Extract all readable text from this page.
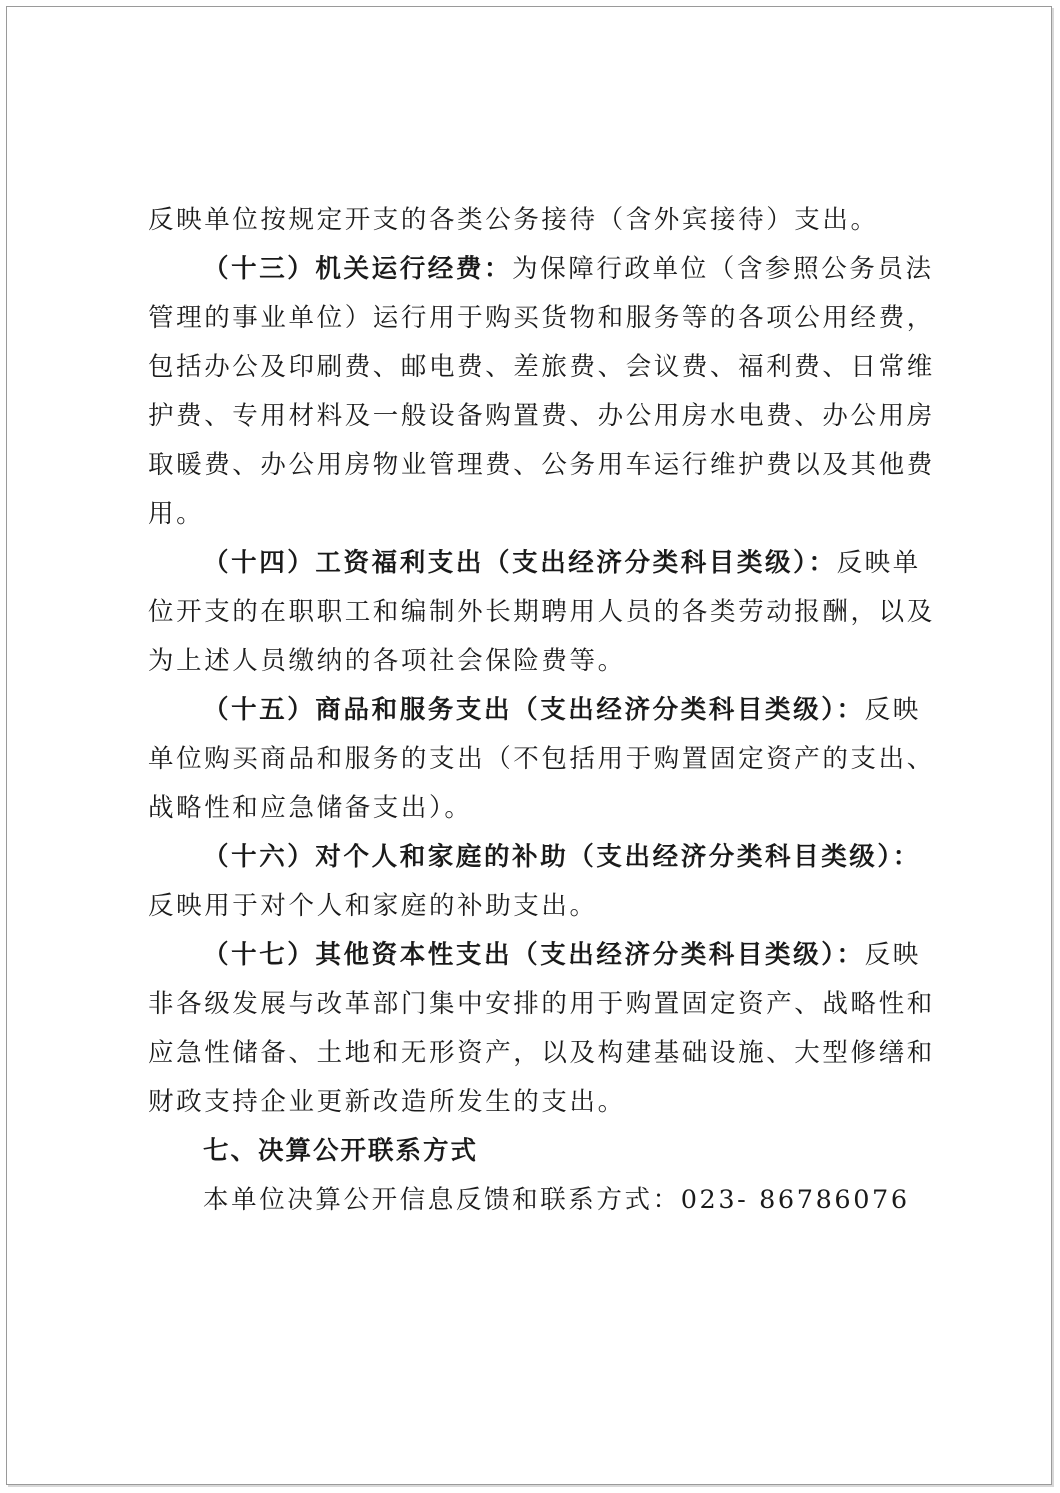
反映单位按规定开支的各类公务接待（含外宾接待）支出。
（十三）机关运行经费：为保障行政单位（含参照公务员法
管理的事业单位）运行用于购买货物和服务等的各项公用经费，
包括办公及印刷费、邮电费、差旅费、会议费、福利费、日常维
护费、专用材料及一般设备购置费、办公用房水电费、办公用房
取暖费、办公用房物业管理费、公务用车运行维护费以及其他费
用。
（十四）工资福利支出（支出经济分类科目类级）：反映单
位开支的在职职工和编制外长期聘用人员的各类劳动报酬，以及
为上述人员缴纳的各项社会保险费等。
（十五）商品和服务支出（支出经济分类科目类级）：反映
单位购买商品和服务的支出（不包括用于购置固定资产的支出、
战略性和应急储备支出）。
（十六）对个人和家庭的补助（支出经济分类科目类级）：
反映用于对个人和家庭的补助支出。
（十七）其他资本性支出（支出经济分类科目类级）：反映
非各级发展与改革部门集中安排的用于购置固定资产、战略性和
应急性储备、土地和无形资产，以及构建基础设施、大型修缮和
财政支持企业更新改造所发生的支出。
七、决算公开联系方式
本单位决算公开信息反馈和联系方式：023- 86786076
